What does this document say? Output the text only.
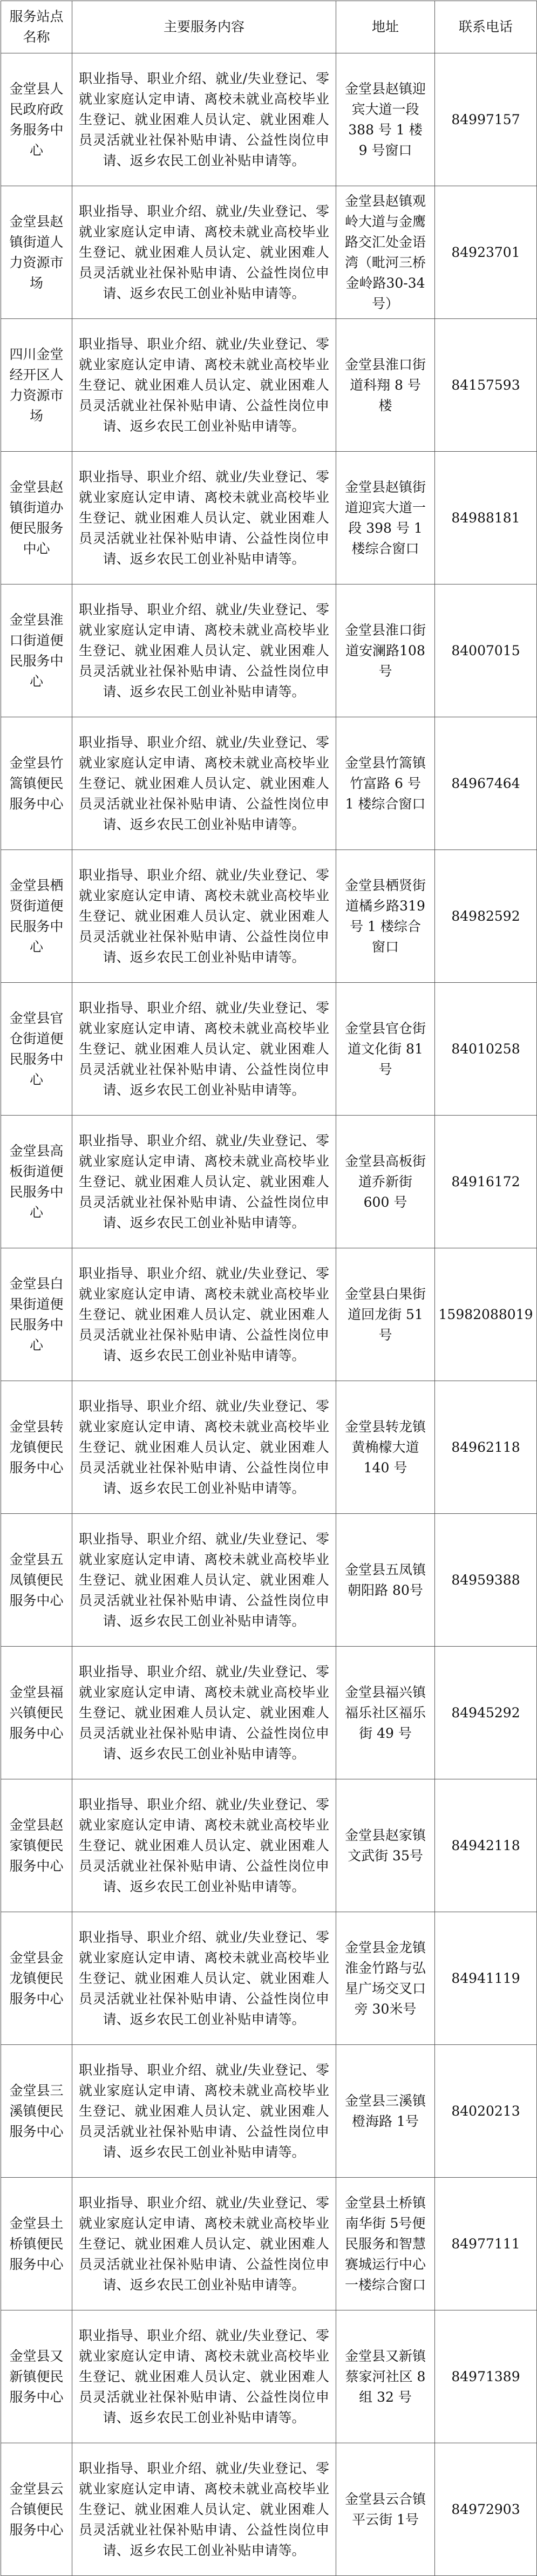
服务站点名称	主要服务内容	地址	联系电话
金堂县人民政府政务服务中心	职业指导、职业介绍、就业/失业登记、零就业家庭认定申请、离校未就业高校毕业生登记、就业困难人员认定、就业困难人员灵活就业社保补贴申请、公益性岗位申请、返乡农民工创业补贴申请等。	金堂县赵镇迎宾大道一段 388 号 1 楼 9 号窗口	84997157
金堂县赵镇街道人力资源市场	职业指导、职业介绍、就业/失业登记、零就业家庭认定申请、离校未就业高校毕业生登记、就业困难人员认定、就业困难人员灵活就业社保补贴申请、公益性岗位申请、返乡农民工创业补贴申请等。	金堂县赵镇观岭大道与金鹰路交汇处金语湾（毗河三桥金岭路30-34 号）	84923701
四川金堂经开区人力资源市场	职业指导、职业介绍、就业/失业登记、零就业家庭认定申请、离校未就业高校毕业生登记、就业困难人员认定、就业困难人员灵活就业社保补贴申请、公益性岗位申请、返乡农民工创业补贴申请等。	金堂县淮口街道科翔 8 号楼	84157593
金堂县赵镇街道办便民服务中心	职业指导、职业介绍、就业/失业登记、零就业家庭认定申请、离校未就业高校毕业生登记、就业困难人员认定、就业困难人员灵活就业社保补贴申请、公益性岗位申请、返乡农民工创业补贴申请等。	金堂县赵镇街道迎宾大道一段 398 号 1 楼综合窗口	84988181
金堂县淮口街道便民服务中心	职业指导、职业介绍、就业/失业登记、零就业家庭认定申请、离校未就业高校毕业生登记、就业困难人员认定、就业困难人员灵活就业社保补贴申请、公益性岗位申请、返乡农民工创业补贴申请等。	金堂县淮口街道安澜路108 号	84007015
金堂县竹篙镇便民服务中心	职业指导、职业介绍、就业/失业登记、零就业家庭认定申请、离校未就业高校毕业生登记、就业困难人员认定、就业困难人员灵活就业社保补贴申请、公益性岗位申请、返乡农民工创业补贴申请等。	金堂县竹篙镇竹富路 6 号 1 楼综合窗口	84967464
金堂县栖贤街道便民服务中心	职业指导、职业介绍、就业/失业登记、零就业家庭认定申请、离校未就业高校毕业生登记、就业困难人员认定、就业困难人员灵活就业社保补贴申请、公益性岗位申请、返乡农民工创业补贴申请等。	金堂县栖贤街道橘乡路319 号 1 楼综合窗口	84982592
金堂县官仓街道便民服务中心	职业指导、职业介绍、就业/失业登记、零就业家庭认定申请、离校未就业高校毕业生登记、就业困难人员认定、就业困难人员灵活就业社保补贴申请、公益性岗位申请、返乡农民工创业补贴申请等。	金堂县官仓街道文化街 81 号	84010258
金堂县高板街道便民服务中心	职业指导、职业介绍、就业/失业登记、零就业家庭认定申请、离校未就业高校毕业生登记、就业困难人员认定、就业困难人员灵活就业社保补贴申请、公益性岗位申请、返乡农民工创业补贴申请等。	金堂县高板街道乔新街 600 号	84916172
金堂县白果街道便民服务中心	职业指导、职业介绍、就业/失业登记、零就业家庭认定申请、离校未就业高校毕业生登记、就业困难人员认定、就业困难人员灵活就业社保补贴申请、公益性岗位申请、返乡农民工创业补贴申请等。	金堂县白果街道回龙街 51 号	15982088019
金堂县转龙镇便民服务中心	职业指导、职业介绍、就业/失业登记、零就业家庭认定申请、离校未就业高校毕业生登记、就业困难人员认定、就业困难人员灵活就业社保补贴申请、公益性岗位申请、返乡农民工创业补贴申请等。	金堂县转龙镇黄桷檬大道 140 号	84962118
金堂县五凤镇便民服务中心	职业指导、职业介绍、就业/失业登记、零就业家庭认定申请、离校未就业高校毕业生登记、就业困难人员认定、就业困难人员灵活就业社保补贴申请、公益性岗位申请、返乡农民工创业补贴申请等。	金堂县五凤镇朝阳路 80号	84959388
金堂县福兴镇便民服务中心	职业指导、职业介绍、就业/失业登记、零就业家庭认定申请、离校未就业高校毕业生登记、就业困难人员认定、就业困难人员灵活就业社保补贴申请、公益性岗位申请、返乡农民工创业补贴申请等。	金堂县福兴镇福乐社区福乐街 49 号	84945292
金堂县赵家镇便民服务中心	职业指导、职业介绍、就业/失业登记、零就业家庭认定申请、离校未就业高校毕业生登记、就业困难人员认定、就业困难人员灵活就业社保补贴申请、公益性岗位申请、返乡农民工创业补贴申请等。	金堂县赵家镇文武街 35号	84942118
金堂县金龙镇便民服务中心	职业指导、职业介绍、就业/失业登记、零就业家庭认定申请、离校未就业高校毕业生登记、就业困难人员认定、就业困难人员灵活就业社保补贴申请、公益性岗位申请、返乡农民工创业补贴申请等。	金堂县金龙镇淮金竹路与弘星广场交叉口旁 30米号	84941119
金堂县三溪镇便民服务中心	职业指导、职业介绍、就业/失业登记、零就业家庭认定申请、离校未就业高校毕业生登记、就业困难人员认定、就业困难人员灵活就业社保补贴申请、公益性岗位申请、返乡农民工创业补贴申请等。	金堂县三溪镇橙海路 1号	84020213
金堂县土桥镇便民服务中心	职业指导、职业介绍、就业/失业登记、零就业家庭认定申请、离校未就业高校毕业生登记、就业困难人员认定、就业困难人员灵活就业社保补贴申请、公益性岗位申请、返乡农民工创业补贴申请等。	金堂县土桥镇南华街 5号便民服务和智慧赛城运行中心一楼综合窗口	84977111
金堂县又新镇便民服务中心	职业指导、职业介绍、就业/失业登记、零就业家庭认定申请、离校未就业高校毕业生登记、就业困难人员认定、就业困难人员灵活就业社保补贴申请、公益性岗位申请、返乡农民工创业补贴申请等。	金堂县又新镇蔡家河社区 8 组 32 号	84971389
金堂县云合镇便民服务中心	职业指导、职业介绍、就业/失业登记、零就业家庭认定申请、离校未就业高校毕业生登记、就业困难人员认定、就业困难人员灵活就业社保补贴申请、公益性岗位申请、返乡农民工创业补贴申请等。	金堂县云合镇平云街 1号	84972903
